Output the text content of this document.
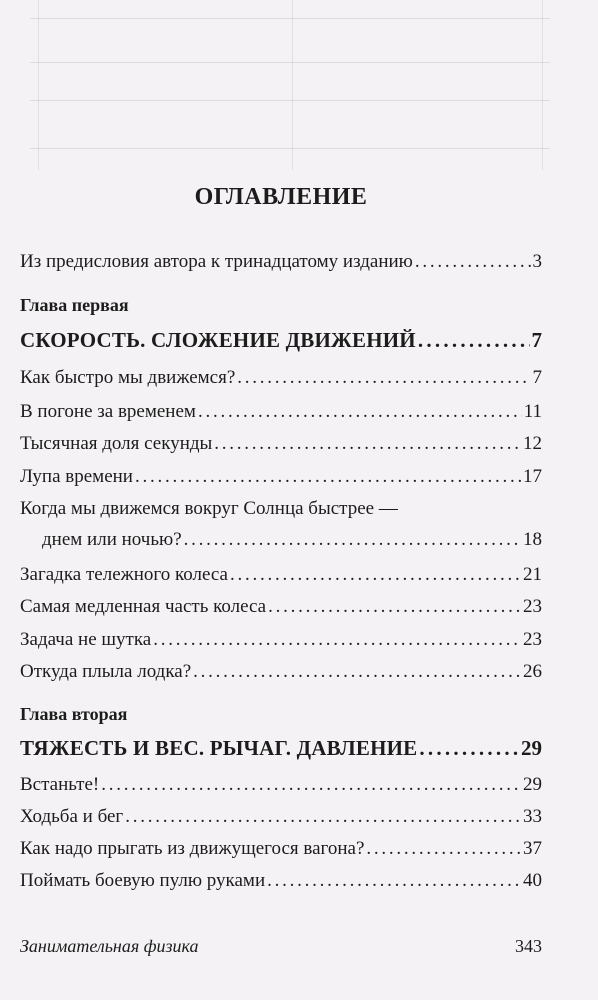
ОГЛАВЛЕНИЕ
Из предисловия автора к тринадцатому изданию . . .	3
Глава первая
СКОРОСТЬ. СЛОЖЕНИЕ ДВИЖЕНИЙ . . .	7
Как быстро мы движемся? . . .	7
В погоне за временем . . .	11
Тысячная доля секунды . . .	12
Лупа времени . . .	17
Когда мы движемся вокруг Солнца быстрее —
днем или ночью? . . .	18
Загадка тележного колеса . . .	21
Самая медленная часть колеса . . .	23
Задача не шутка . . .	23
Откуда плыла лодка? . . .	26
Глава вторая
ТЯЖЕСТЬ И ВЕС. РЫЧАГ. ДАВЛЕНИЕ . . .	29
Встаньте! . . .	29
Ходьба и бег . . .	33
Как надо прыгать из движущегося вагона? . . .	37
Поймать боевую пулю руками . . .	40
Занимательная физика	343
